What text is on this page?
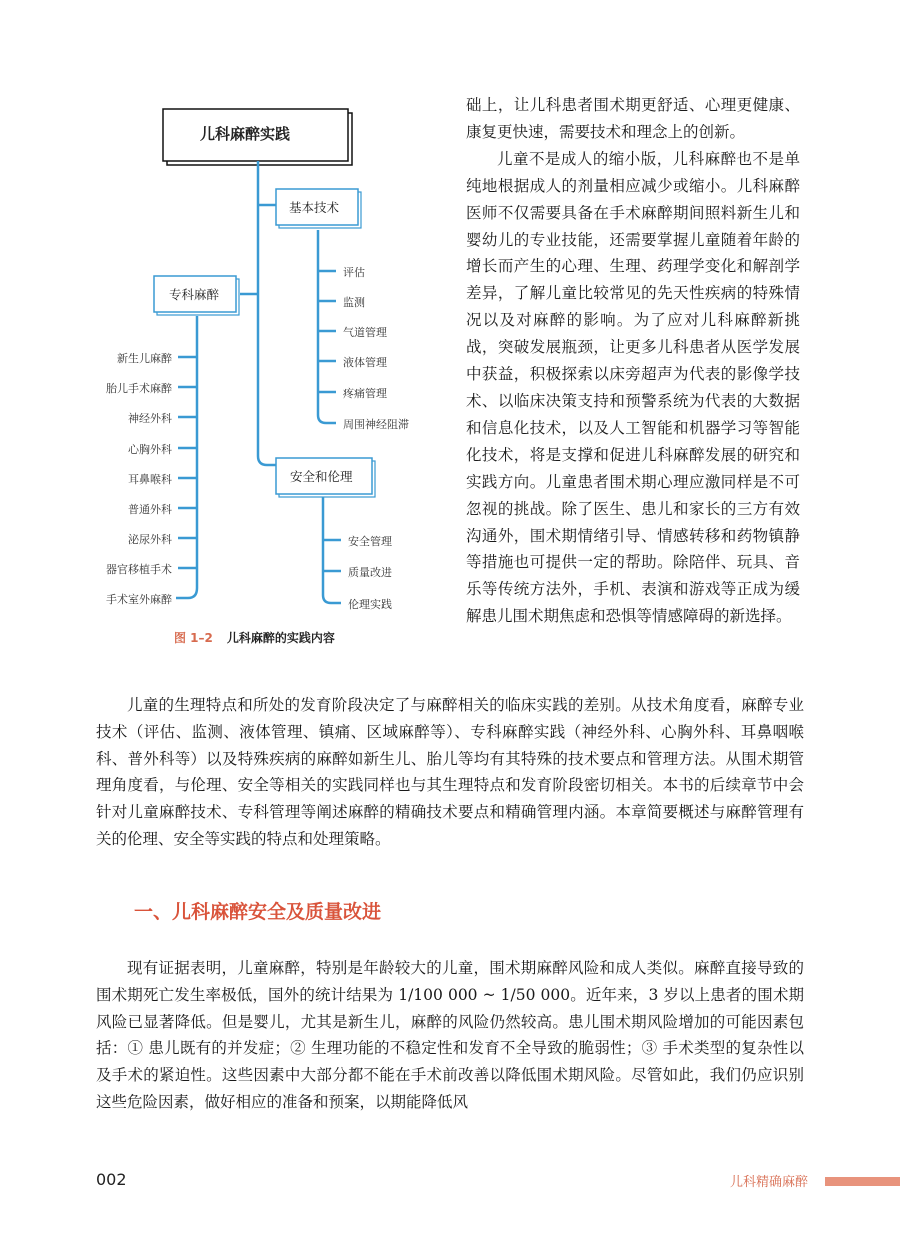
儿科麻醉实践
基本技术
专科麻醉
安全和伦理
评估
监测
气道管理
液体管理
疼痛管理
周围神经阻滞
新生儿麻醉
胎儿手术麻醉
神经外科
心胸外科
耳鼻喉科
普通外科
泌尿外科
器官移植手术
手术室外麻醉
安全管理
质量改进
伦理实践
图 1–2 儿科麻醉的实践内容

础上，让儿科患者围术期更舒适、心理更健康、康复更快速，需要技术和理念上的创新。

儿童不是成人的缩小版，儿科麻醉也不是单纯地根据成人的剂量相应减少或缩小。儿科麻醉医师不仅需要具备在手术麻醉期间照料新生儿和婴幼儿的专业技能，还需要掌握儿童随着年龄的增长而产生的心理、生理、药理学变化和解剖学差异，了解儿童比较常见的先天性疾病的特殊情况以及对麻醉的影响。为了应对儿科麻醉新挑战，突破发展瓶颈，让更多儿科患者从医学发展中获益，积极探索以床旁超声为代表的影像学技术、以临床决策支持和预警系统为代表的大数据和信息化技术，以及人工智能和机器学习等智能化技术，将是支撑和促进儿科麻醉发展的研究和实践方向。儿童患者围术期心理应激同样是不可忽视的挑战。除了医生、患儿和家长的三方有效沟通外，围术期情绪引导、情感转移和药物镇静等措施也可提供一定的帮助。除陪伴、玩具、音乐等传统方法外，手机、表演和游戏等正成为缓解患儿围术期焦虑和恐惧等情感障碍的新选择。

儿童的生理特点和所处的发育阶段决定了与麻醉相关的临床实践的差别。从技术角度看，麻醉专业技术（评估、监测、液体管理、镇痛、区域麻醉等）、专科麻醉实践（神经外科、心胸外科、耳鼻咽喉科、普外科等）以及特殊疾病的麻醉如新生儿、胎儿等均有其特殊的技术要点和管理方法。从围术期管理角度看，与伦理、安全等相关的实践同样也与其生理特点和发育阶段密切相关。本书的后续章节中会针对儿童麻醉技术、专科管理等阐述麻醉的精确技术要点和精确管理内涵。本章简要概述与麻醉管理有关的伦理、安全等实践的特点和处理策略。

一、儿科麻醉安全及质量改进

现有证据表明，儿童麻醉，特别是年龄较大的儿童，围术期麻醉风险和成人类似。麻醉直接导致的围术期死亡发生率极低，国外的统计结果为 1/100 000 ~ 1/50 000。近年来，3 岁以上患者的围术期风险已显著降低。但是婴儿，尤其是新生儿，麻醉的风险仍然较高。患儿围术期风险增加的可能因素包括：① 患儿既有的并发症；② 生理功能的不稳定性和发育不全导致的脆弱性；③ 手术类型的复杂性以及手术的紧迫性。这些因素中大部分都不能在手术前改善以降低围术期风险。尽管如此，我们仍应识别这些危险因素，做好相应的准备和预案，以期能降低风

002	儿科精确麻醉
